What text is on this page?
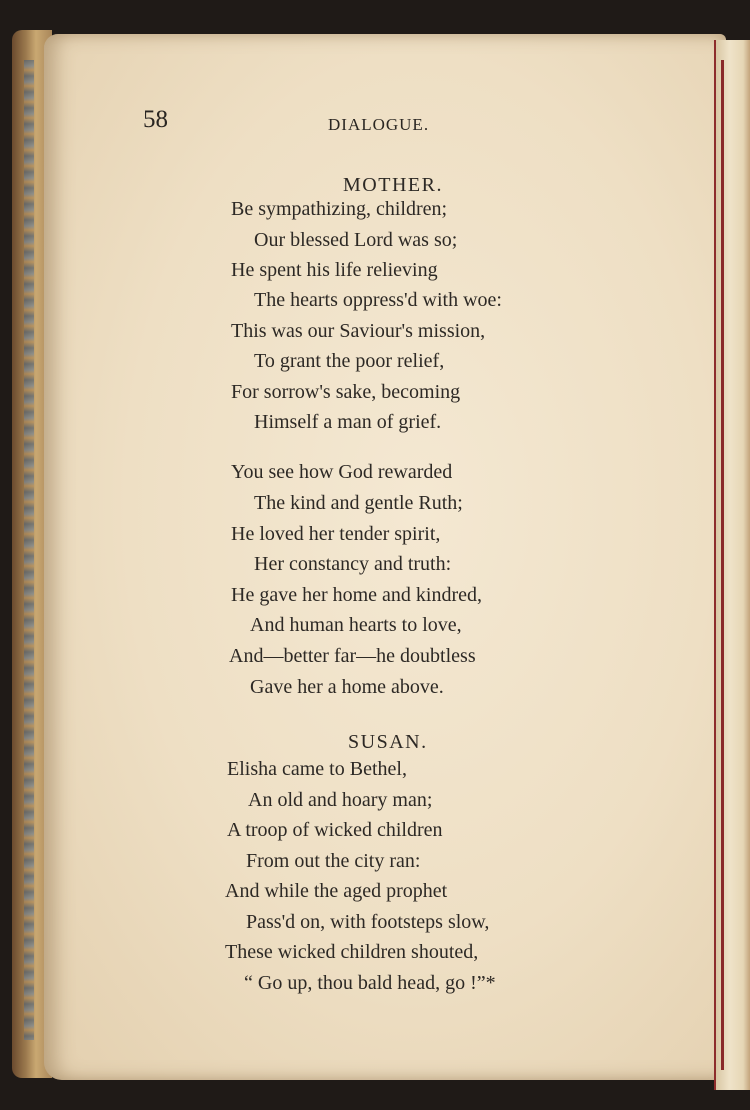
58	DIALOGUE.
MOTHER.
Be sympathizing, children;
Our blessed Lord was so;
He spent his life relieving
The hearts oppress'd with woe:
This was our Saviour's mission,
To grant the poor relief,
For sorrow's sake, becoming
Himself a man of grief.
You see how God rewarded
The kind and gentle Ruth;
He loved her tender spirit,
Her constancy and truth:
He gave her home and kindred,
And human hearts to love,
And—better far—he doubtless
Gave her a home above.
SUSAN.
Elisha came to Bethel,
An old and hoary man;
A troop of wicked children
From out the city ran:
And while the aged prophet
Pass'd on, with footsteps slow,
These wicked children shouted,
“ Go up, thou bald head, go !”*
